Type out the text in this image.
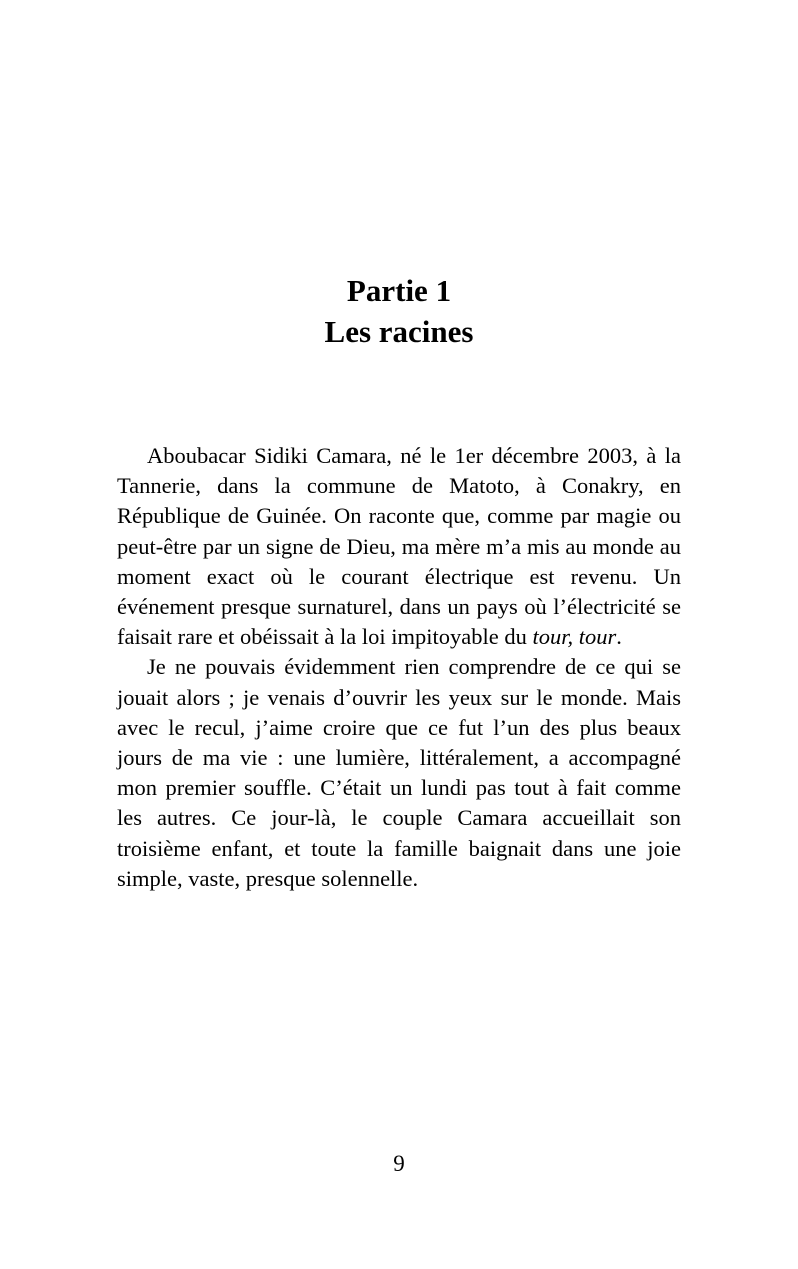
Partie 1
Les racines

Aboubacar Sidiki Camara, né le 1er décembre 2003, à la Tannerie, dans la commune de Matoto, à Conakry, en République de Guinée. On raconte que, comme par magie ou peut-être par un signe de Dieu, ma mère m’a mis au monde au moment exact où le courant électrique est revenu. Un événement presque surnaturel, dans un pays où l’électricité se faisait rare et obéissait à la loi impitoyable du tour, tour.

Je ne pouvais évidemment rien comprendre de ce qui se jouait alors ; je venais d’ouvrir les yeux sur le monde. Mais avec le recul, j’aime croire que ce fut l’un des plus beaux jours de ma vie : une lumière, littéralement, a accompagné mon premier souffle. C’était un lundi pas tout à fait comme les autres. Ce jour-là, le couple Camara accueillait son troisième enfant, et toute la famille baignait dans une joie simple, vaste, presque solennelle.

9
